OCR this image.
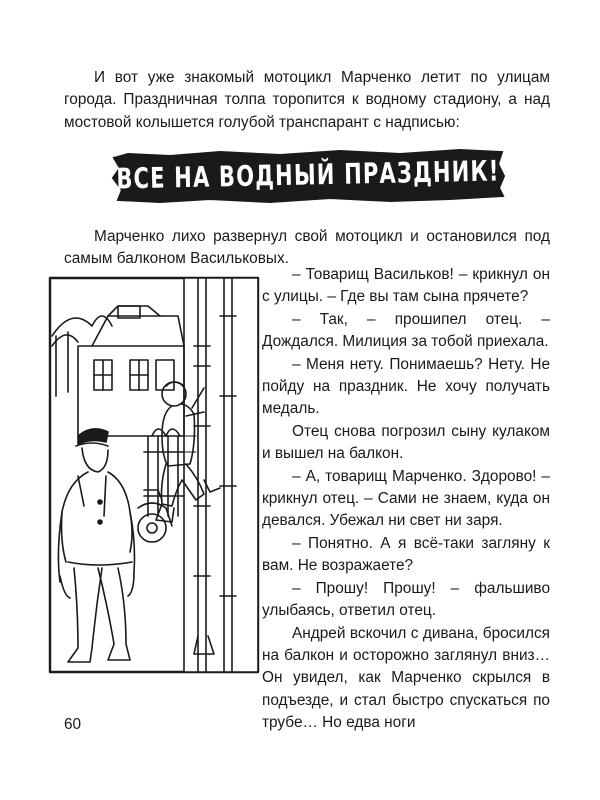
И вот уже знакомый мотоцикл Марченко летит по улицам города. Праздничная толпа торопится к водному стадиону, а над мостовой колышется голубой транспарант с надписью:

ВСЕ НА ВОДНЫЙ ПРАЗДНИК!

Марченко лихо развернул свой мотоцикл и остановился под самым балконом Васильковых.

– Товарищ Васильков! – крикнул он с улицы. – Где вы там сына прячете?

– Так, – прошипел отец. – Дождался. Милиция за тобой приехала.

– Меня нету. Понимаешь? Нету. Не пойду на праздник. Не хочу получать медаль.

Отец снова погрозил сыну кулаком и вышел на балкон.

– А, товарищ Марченко. Здорово! – крикнул отец. – Сами не знаем, куда он девался. Убежал ни свет ни заря.

– Понятно. А я всё-таки загляну к вам. Не возражаете?

– Прошу! Прошу! – фальшиво улыбаясь, ответил отец.

Андрей вскочил с дивана, бросился на балкон и осторожно заглянул вниз… Он увидел, как Марченко скрылся в подъезде, и стал быстро спускаться по трубе… Но едва ноги

60
